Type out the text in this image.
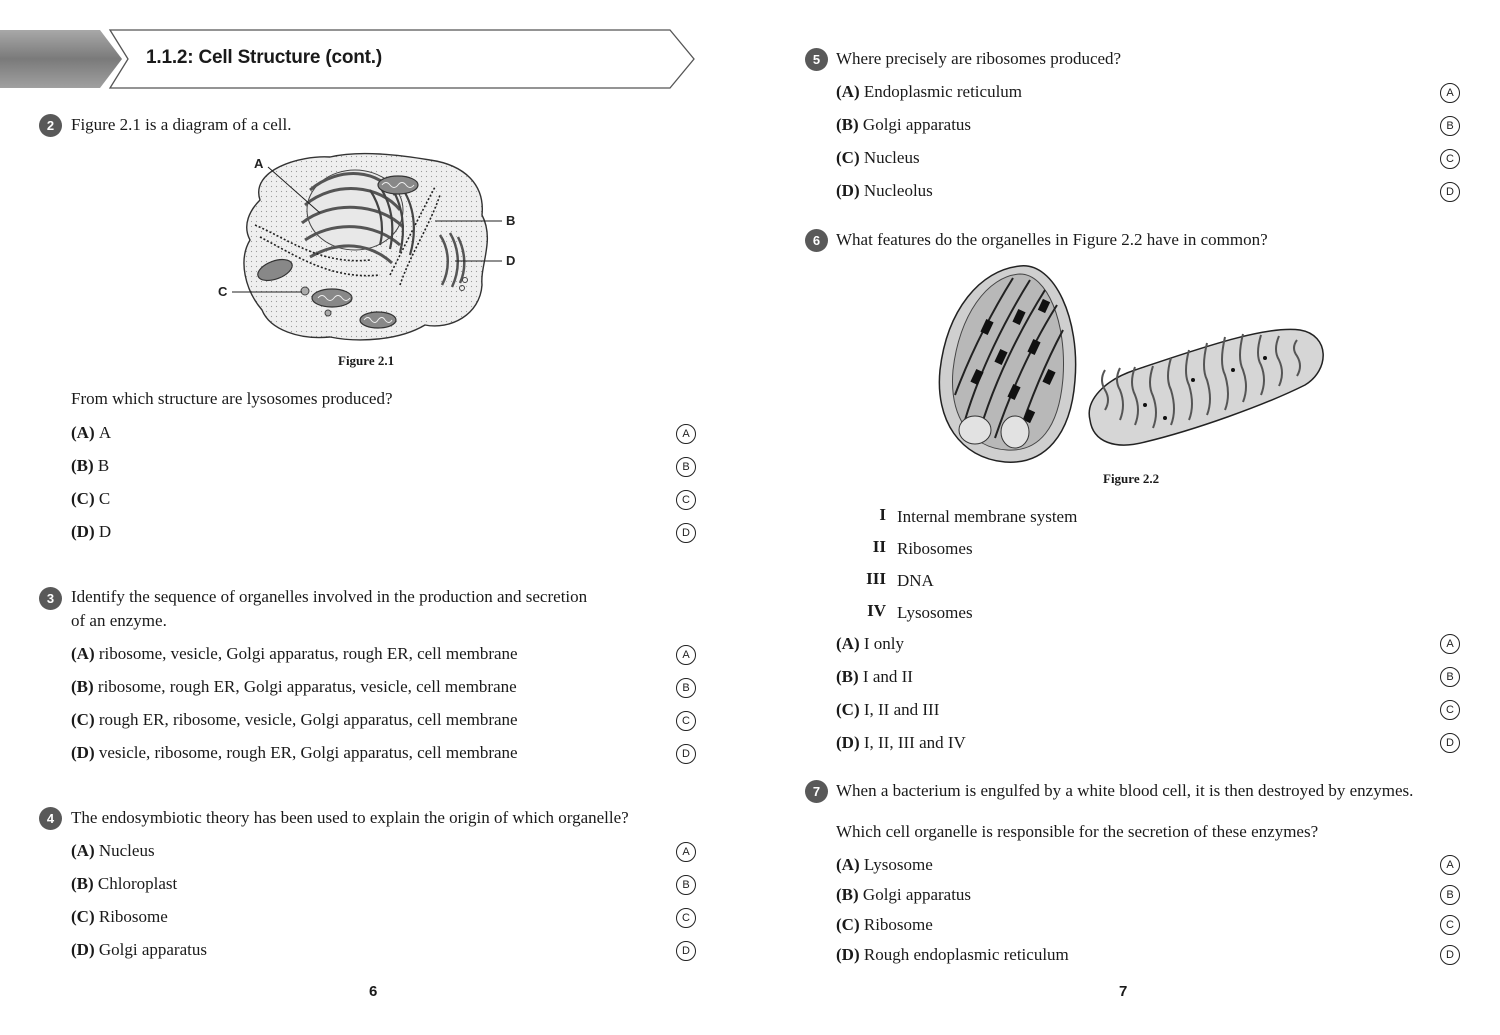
1.1.2: Cell Structure (cont.)
2 Figure 2.1 is a diagram of a cell.
A
B
D
C
Figure 2.1
From which structure are lysosomes produced?
(A) A	A
(B) B	B
(C) C	C
(D) D	D
3 Identify the sequence of organelles involved in the production and secretion
of an enzyme.
(A) ribosome, vesicle, Golgi apparatus, rough ER, cell membrane	A
(B) ribosome, rough ER, Golgi apparatus, vesicle, cell membrane	B
(C) rough ER, ribosome, vesicle, Golgi apparatus, cell membrane	C
(D) vesicle, ribosome, rough ER, Golgi apparatus, cell membrane	D
4 The endosymbiotic theory has been used to explain the origin of which organelle?
(A) Nucleus	A
(B) Chloroplast	B
(C) Ribosome	C
(D) Golgi apparatus	D
6
5 Where precisely are ribosomes produced?
(A) Endoplasmic reticulum	A
(B) Golgi apparatus	B
(C) Nucleus	C
(D) Nucleolus	D
6 What features do the organelles in Figure 2.2 have in common?
Figure 2.2
I Internal membrane system
II Ribosomes
III DNA
IV Lysosomes
(A) I only	A
(B) I and II	B
(C) I, II and III	C
(D) I, II, III and IV	D
7 When a bacterium is engulfed by a white blood cell, it is then destroyed by enzymes.
Which cell organelle is responsible for the secretion of these enzymes?
(A) Lysosome	A
(B) Golgi apparatus	B
(C) Ribosome	C
(D) Rough endoplasmic reticulum	D
7
